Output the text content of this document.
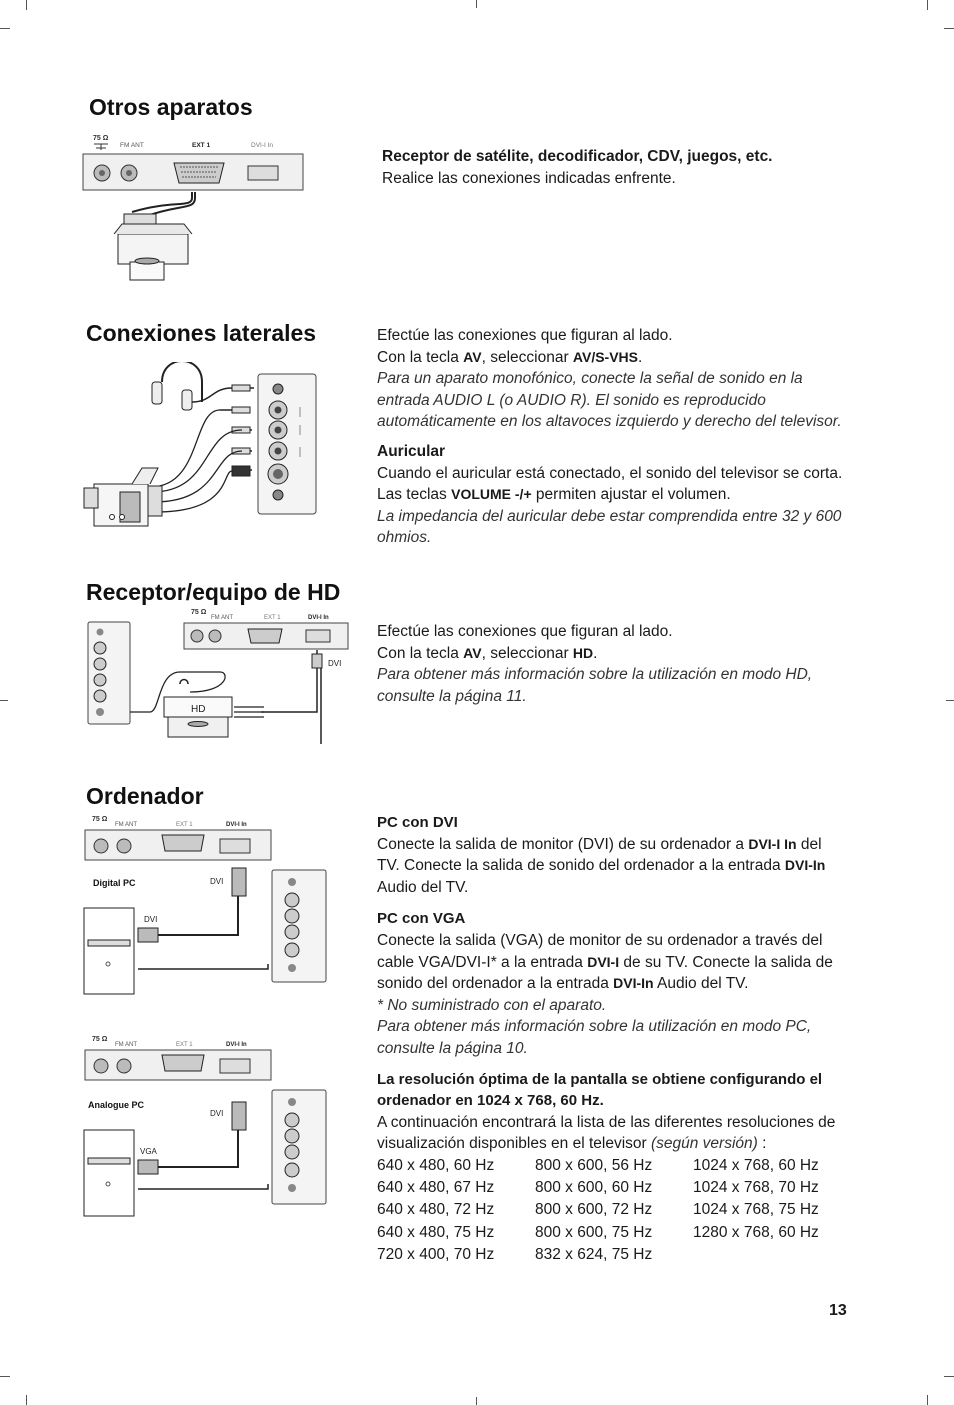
Otros aparatos
75 Ω
FM ANT	EXT 1	DVI-I In
Receptor de satélite, decodificador, CDV, juegos, etc.
Realice las conexiones indicadas enfrente.
Conexiones laterales	Efectúe las conexiones que figuran al lado.
Con la tecla AV, seleccionar AV/S-VHS.
Para un aparato monofónico, conecte la señal de sonido en la entrada AUDIO L (o AUDIO R). El sonido es reproducido automáticamente en los altavoces izquierdo y derecho del televisor.
Auricular
Cuando el auricular está conectado, el sonido del televisor se corta. Las teclas VOLUME -/+ permiten ajustar el volumen.
La impedancia del auricular debe estar comprendida entre 32 y 600 ohmios.
Receptor/equipo de HD
75 Ω
FM ANT	EXT 1	DVI-I In
DVI
HD
Efectúe las conexiones que figuran al lado.
Con la tecla AV, seleccionar HD.
Para obtener más información sobre la utilización en modo HD, consulte la página 11.
Ordenador
75 Ω
FM ANT	EXT 1	DVI-I In
Digital PC
DVI
DVI
75 Ω
FM ANT	EXT 1	DVI-I In
Analogue PC
VGA
DVI
PC con DVI
Conecte la salida de monitor (DVI) de su ordenador a DVI-I In del TV. Conecte la salida de sonido del ordenador a la entrada DVI-In Audio del TV.
PC con VGA
Conecte la salida (VGA) de monitor de su ordenador a través del cable VGA/DVI-I* a la entrada DVI-I de su TV. Conecte la salida de sonido del ordenador a la entrada DVI-In Audio del TV.
* No suministrado con el aparato.
Para obtener más información sobre la utilización en modo PC, consulte la página 10.
La resolución óptima de la pantalla se obtiene configurando el ordenador en 1024 x 768, 60 Hz.
A continuación encontrará la lista de las diferentes resoluciones de visualización disponibles en el televisor (según versión) :
640 x 480, 60 Hz	800 x 600, 56 Hz	1024 x 768, 60 Hz
640 x 480, 67 Hz	800 x 600, 60 Hz	1024 x 768, 70 Hz
640 x 480, 72 Hz	800 x 600, 72 Hz	1024 x 768, 75 Hz
640 x 480, 75 Hz	800 x 600, 75 Hz	1280 x 768, 60 Hz
720 x 400, 70 Hz	832 x 624, 75 Hz
13
